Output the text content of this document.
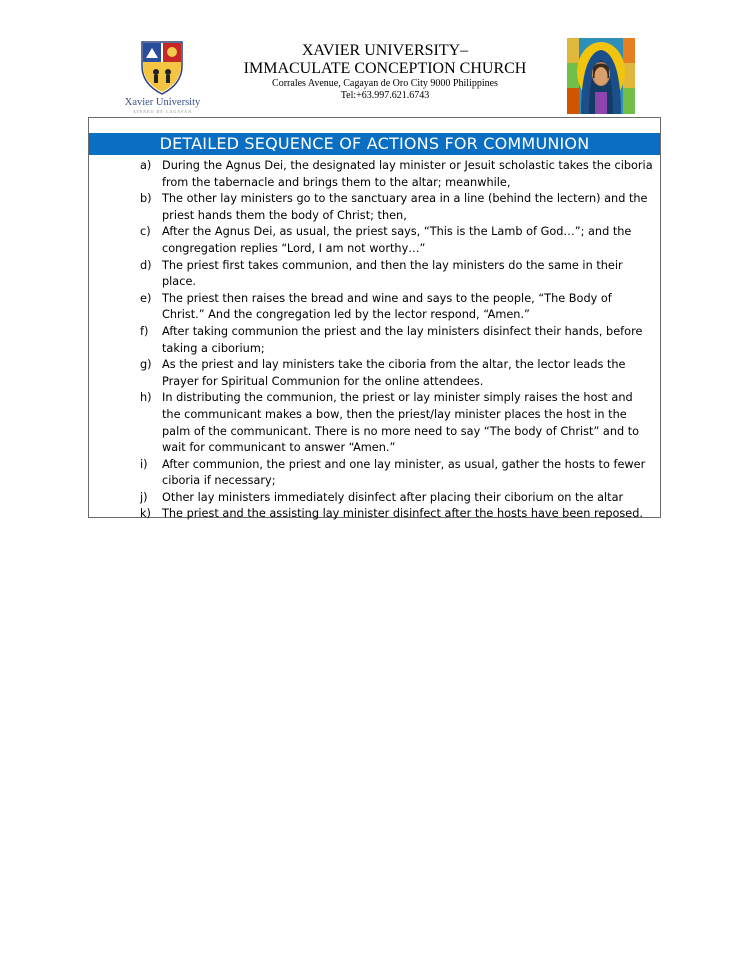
Xavier University
ATENEO DE CAGAYAN
XAVIER UNIVERSITY–
IMMACULATE CONCEPTION CHURCH
Corrales Avenue, Cagayan de Oro City 9000 Philippines
Tel:+63.997.621.6743
DETAILED SEQUENCE OF ACTIONS FOR COMMUNION
a) During the Agnus Dei, the designated lay minister or Jesuit scholastic takes the ciboria from the tabernacle and brings them to the altar; meanwhile,
b) The other lay ministers go to the sanctuary area in a line (behind the lectern) and the priest hands them the body of Christ; then,
c) After the Agnus Dei, as usual, the priest says, “This is the Lamb of God…”; and the congregation replies “Lord, I am not worthy…”
d) The priest first takes communion, and then the lay ministers do the same in their place.
e) The priest then raises the bread and wine and says to the people, “The Body of Christ.” And the congregation led by the lector respond, “Amen.”
f) After taking communion the priest and the lay ministers disinfect their hands, before taking a ciborium;
g) As the priest and lay ministers take the ciboria from the altar, the lector leads the Prayer for Spiritual Communion for the online attendees.
h) In distributing the communion, the priest or lay minister simply raises the host and the communicant makes a bow, then the priest/lay minister places the host in the palm of the communicant. There is no more need to say “The body of Christ” and to wait for communicant to answer “Amen.”
i) After communion, the priest and one lay minister, as usual, gather the hosts to fewer ciboria if necessary;
j) Other lay ministers immediately disinfect after placing their ciborium on the altar
k) The priest and the assisting lay minister disinfect after the hosts have been reposed.
